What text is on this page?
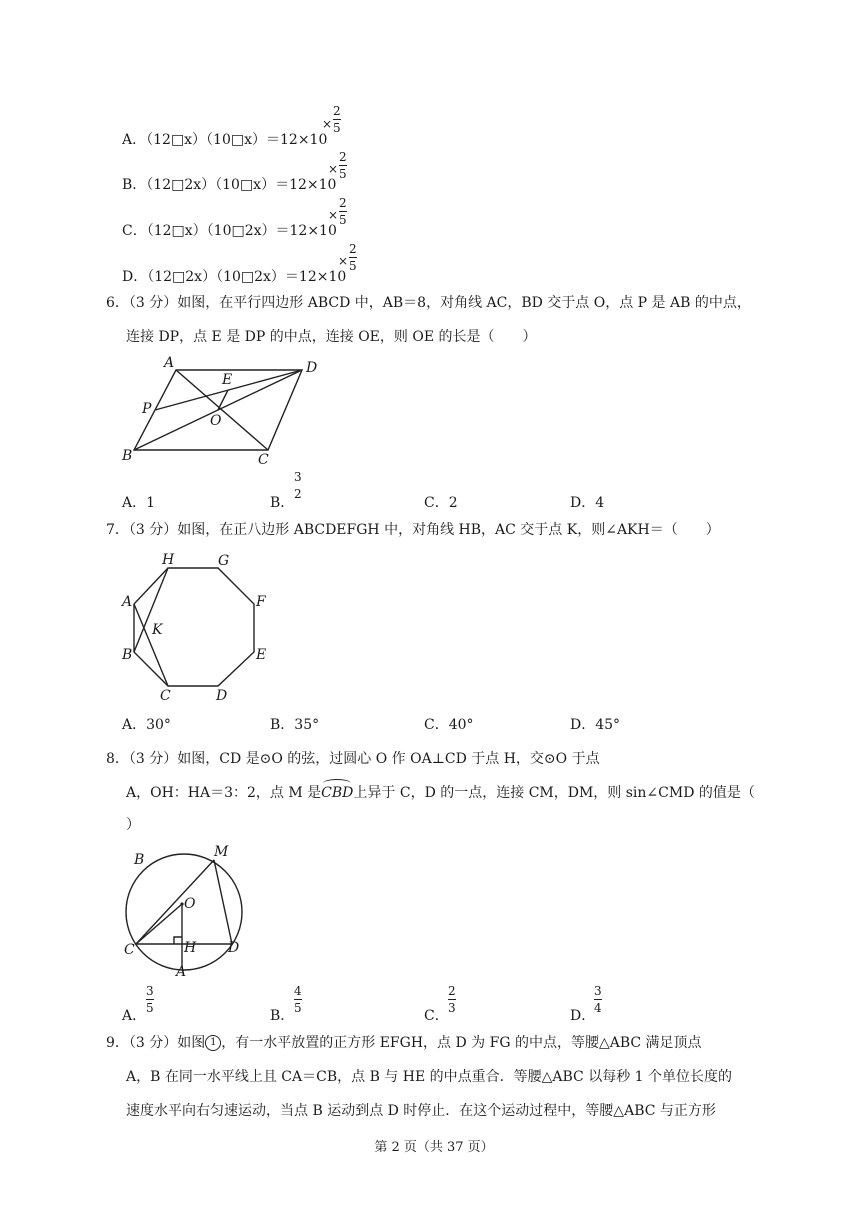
A．（12□x）（10□x）＝12×10
×
2
5
B．（12□2x）（10□x）＝12×10
×
2
5
C．（12□x）（10□2x）＝12×10
×
2
5
D．（12□2x）（10□2x）＝12×10
×
2
5
6．（3 分）如图，在平行四边形 ABCD 中，AB＝8，对角线 AC，BD 交于点 O，点 P 是 AB 的中点，
连接 DP，点 E 是 DP 的中点，连接 OE，则 OE 的长是（　　）
A	D
E
P
O
B	C
A．1	B．
3
2
C．2	D．4
7．（3 分）如图，在正八边形 ABCDEFGH 中，对角线 HB，AC 交于点 K，则∠AKH＝（　　）
H	G
A	F
K
B	E
C	D
A．30°	B．35°	C．40°	D．45°
8．（3 分）如图，CD 是⊙O 的弦，过圆心 O 作 OA⊥CD 于点 H，交⊙O 于点
A，OH：HA＝3：2，点 M 是
CBD上异于 C，D 的一点，连接 CM，DM，则 sin∠CMD 的值是（
）
B	M
O
C	H D
A
A．
3
5	B．
4
5	C．
2
3	D．
3
4
9．（3 分）如图 1 ，有一水平放置的正方形 EFGH，点 D 为 FG 的中点，等腰△ABC 满足顶点
A，B 在同一水平线上且 CA＝CB，点 B 与 HE 的中点重合．等腰△ABC 以每秒 1 个单位长度的
速度水平向右匀速运动，当点 B 运动到点 D 时停止．在这个运动过程中，等腰△ABC 与正方形
第 2 页（共 37 页）
